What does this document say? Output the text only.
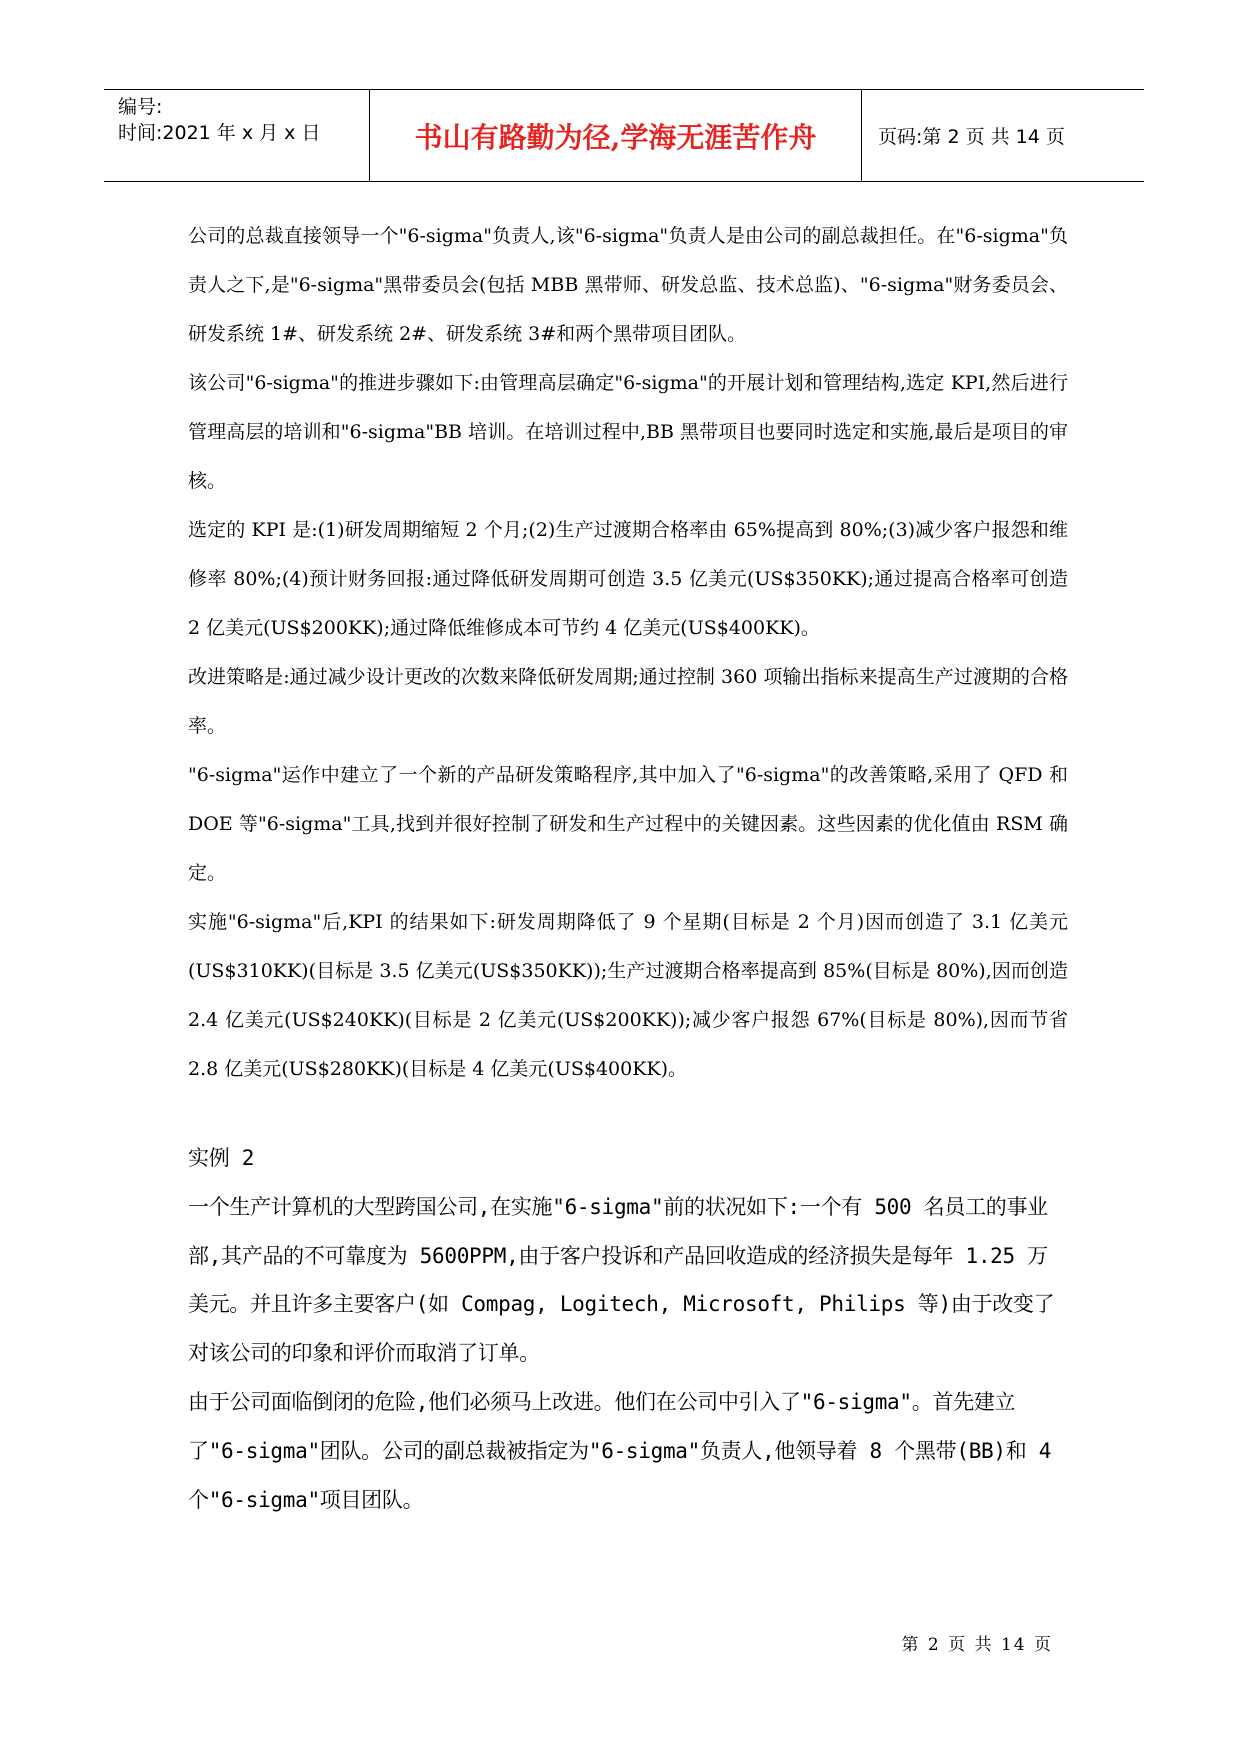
编号:
时间:2021 年 x 月 x 日	书山有路勤为径,学海无涯苦作舟	页码:第 2 页 共 14 页

公司的总裁直接领导一个"6-sigma"负责人,该"6-sigma"负责人是由公司的副总裁担任。在"6-sigma"负责人之下,是"6-sigma"黑带委员会(包括 MBB 黑带师、研发总监、技术总监)、"6-sigma"财务委员会、研发系统 1#、研发系统 2#、研发系统 3#和两个黑带项目团队。

该公司"6-sigma"的推进步骤如下:由管理高层确定"6-sigma"的开展计划和管理结构,选定 KPI,然后进行管理高层的培训和"6-sigma"BB 培训。在培训过程中,BB 黑带项目也要同时选定和实施,最后是项目的审核。

选定的 KPI 是:(1)研发周期缩短 2 个月;(2)生产过渡期合格率由 65%提高到 80%;(3)减少客户报怨和维修率 80%;(4)预计财务回报:通过降低研发周期可创造 3.5 亿美元(US$350KK);通过提高合格率可创造 2 亿美元(US$200KK);通过降低维修成本可节约 4 亿美元(US$400KK)。

改进策略是:通过减少设计更改的次数来降低研发周期;通过控制 360 项输出指标来提高生产过渡期的合格率。

"6-sigma"运作中建立了一个新的产品研发策略程序,其中加入了"6-sigma"的改善策略,采用了 QFD 和 DOE 等"6-sigma"工具,找到并很好控制了研发和生产过程中的关键因素。这些因素的优化值由 RSM 确定。

实施"6-sigma"后,KPI 的结果如下:研发周期降低了 9 个星期(目标是 2 个月)因而创造了 3.1 亿美元(US$310KK)(目标是 3.5 亿美元(US$350KK));生产过渡期合格率提高到 85%(目标是 80%),因而创造 2.4 亿美元(US$240KK)(目标是 2 亿美元(US$200KK));减少客户报怨 67%(目标是 80%),因而节省 2.8 亿美元(US$280KK)(目标是 4 亿美元(US$400KK)。

实例 2

一个生产计算机的大型跨国公司,在实施"6-sigma"前的状况如下:一个有 500 名员工的事业部,其产品的不可靠度为 5600PPM,由于客户投诉和产品回收造成的经济损失是每年 1.25 万美元。并且许多主要客户(如 Compag, Logitech, Microsoft, Philips 等)由于改变了对该公司的印象和评价而取消了订单。

由于公司面临倒闭的危险,他们必须马上改进。他们在公司中引入了"6-sigma"。首先建立了"6-sigma"团队。公司的副总裁被指定为"6-sigma"负责人,他领导着 8 个黑带(BB)和 4 个"6-sigma"项目团队。

第 2 页 共 14 页
